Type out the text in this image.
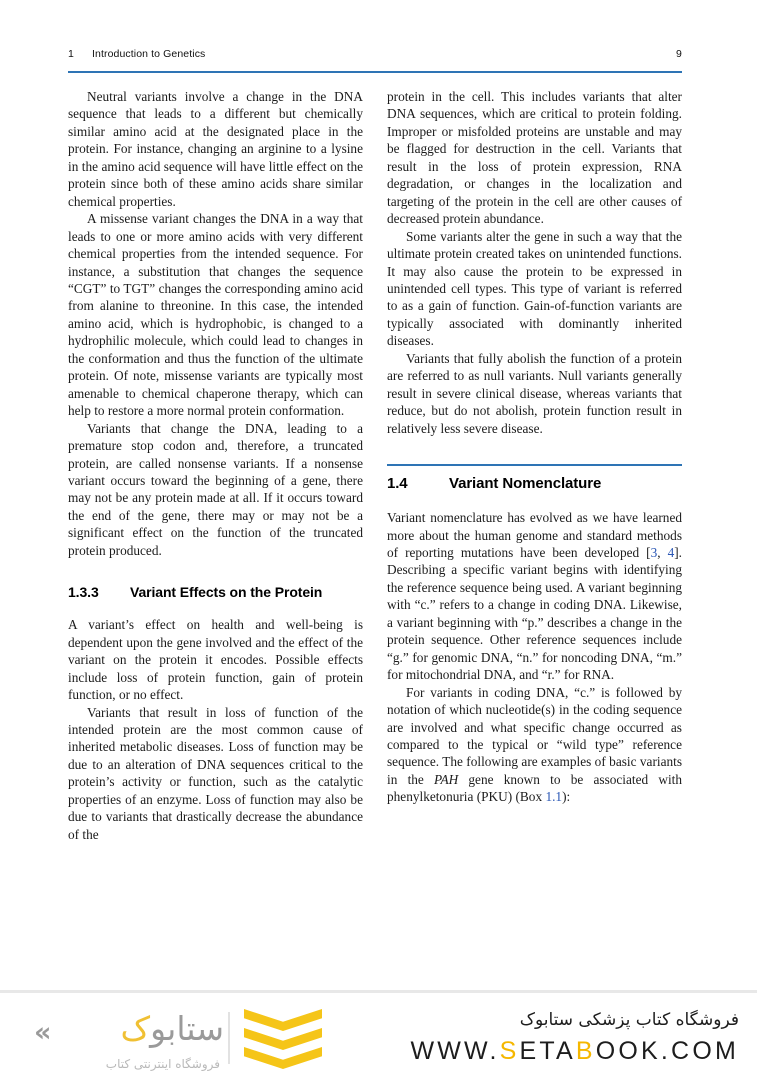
1	Introduction to Genetics	9

Neutral variants involve a change in the DNA sequence that leads to a different but chemically similar amino acid at the designated place in the protein. For instance, changing an arginine to a lysine in the amino acid sequence will have little effect on the protein since both of these amino acids share similar chemical properties.

A missense variant changes the DNA in a way that leads to one or more amino acids with very different chemical properties from the intended sequence. For instance, a substitution that changes the sequence “CGT” to TGT” changes the corresponding amino acid from alanine to threonine. In this case, the intended amino acid, which is hydrophobic, is changed to a hydrophilic molecule, which could lead to changes in the conformation and thus the function of the ultimate protein. Of note, missense variants are typically most amenable to chemical chaperone therapy, which can help to restore a more normal protein conformation.

Variants that change the DNA, leading to a premature stop codon and, therefore, a truncated protein, are called nonsense variants. If a nonsense variant occurs toward the beginning of a gene, there may not be any protein made at all. If it occurs toward the end of the gene, there may or may not be a significant effect on the function of the truncated protein produced.

1.3.3	Variant Effects on the Protein

A variant’s effect on health and well-being is dependent upon the gene involved and the effect of the variant on the protein it encodes. Possible effects include loss of protein function, gain of protein function, or no effect.

Variants that result in loss of function of the intended protein are the most common cause of inherited metabolic diseases. Loss of function may be due to an alteration of DNA sequences critical to the protein’s activity or function, such as the catalytic properties of an enzyme. Loss of function may also be due to variants that drastically decrease the abundance of the

protein in the cell. This includes variants that alter DNA sequences, which are critical to protein folding. Improper or misfolded proteins are unstable and may be flagged for destruction in the cell. Variants that result in the loss of protein expression, RNA degradation, or changes in the localization and targeting of the protein in the cell are other causes of decreased protein abundance.

Some variants alter the gene in such a way that the ultimate protein created takes on unintended functions. It may also cause the protein to be expressed in unintended cell types. This type of variant is referred to as a gain of function. Gain-of-function variants are typically associated with dominantly inherited diseases.

Variants that fully abolish the function of a protein are referred to as null variants. Null variants generally result in severe clinical disease, whereas variants that reduce, but do not abolish, protein function result in relatively less severe disease.

1.4	Variant Nomenclature

Variant nomenclature has evolved as we have learned more about the human genome and standard methods of reporting mutations have been developed [3, 4]. Describing a specific variant begins with identifying the reference sequence being used. A variant beginning with “c.” refers to a change in coding DNA. Likewise, a variant beginning with “p.” describes a change in the protein sequence. Other reference sequences include “g.” for genomic DNA, “n.” for noncoding DNA, “m.” for mitochondrial DNA, and “r.” for RNA.

For variants in coding DNA, “c.” is followed by notation of which nucleotide(s) in the coding sequence are involved and what specific change occurred as compared to the typical or “wild type” reference sequence. The following are examples of basic variants in the PAH gene known to be associated with phenylketonuria (PKU) (Box 1.1):

«	ستابوک
فروشگاه اینترنتی کتاب
فروشگاه کتاب پزشکی ستابوک
WWW.SETABOOK.COM
